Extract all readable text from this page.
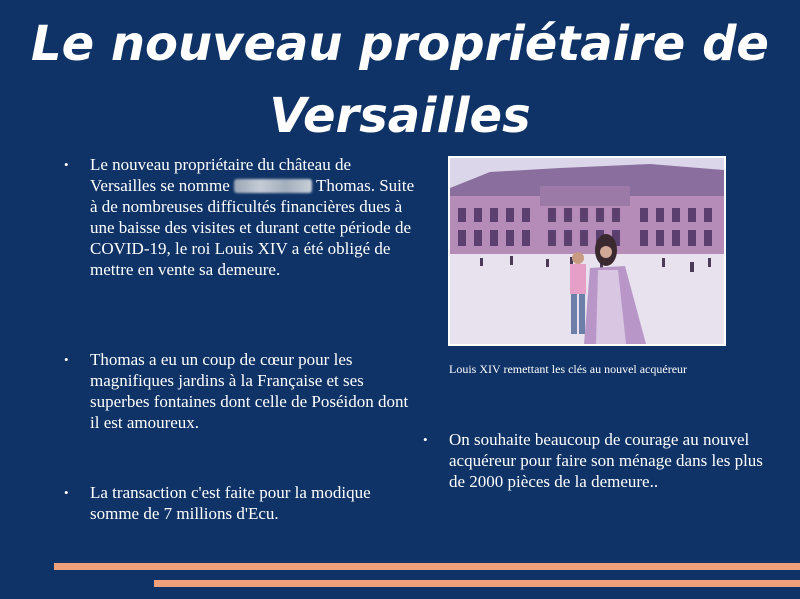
Le nouveau propriétaire de
Versailles
• Le nouveau propriétaire du château de Versailles se nomme	Thomas. Suite à de nombreuses difficultés financières dues à une baisse des visites et durant cette période de COVID-19, le roi Louis XIV a été obligé de mettre en vente sa demeure.
• Thomas a eu un coup de cœur pour les magnifiques jardins à la Française et ses superbes fontaines dont celle de Poséidon dont il est amoureux.
• La transaction c'est faite pour la modique somme de 7 millions d'Ecu.
Louis XIV remettant les clés au nouvel acquéreur
• On souhaite beaucoup de courage au nouvel acquéreur pour faire son ménage dans les plus de 2000 pièces de la demeure..
